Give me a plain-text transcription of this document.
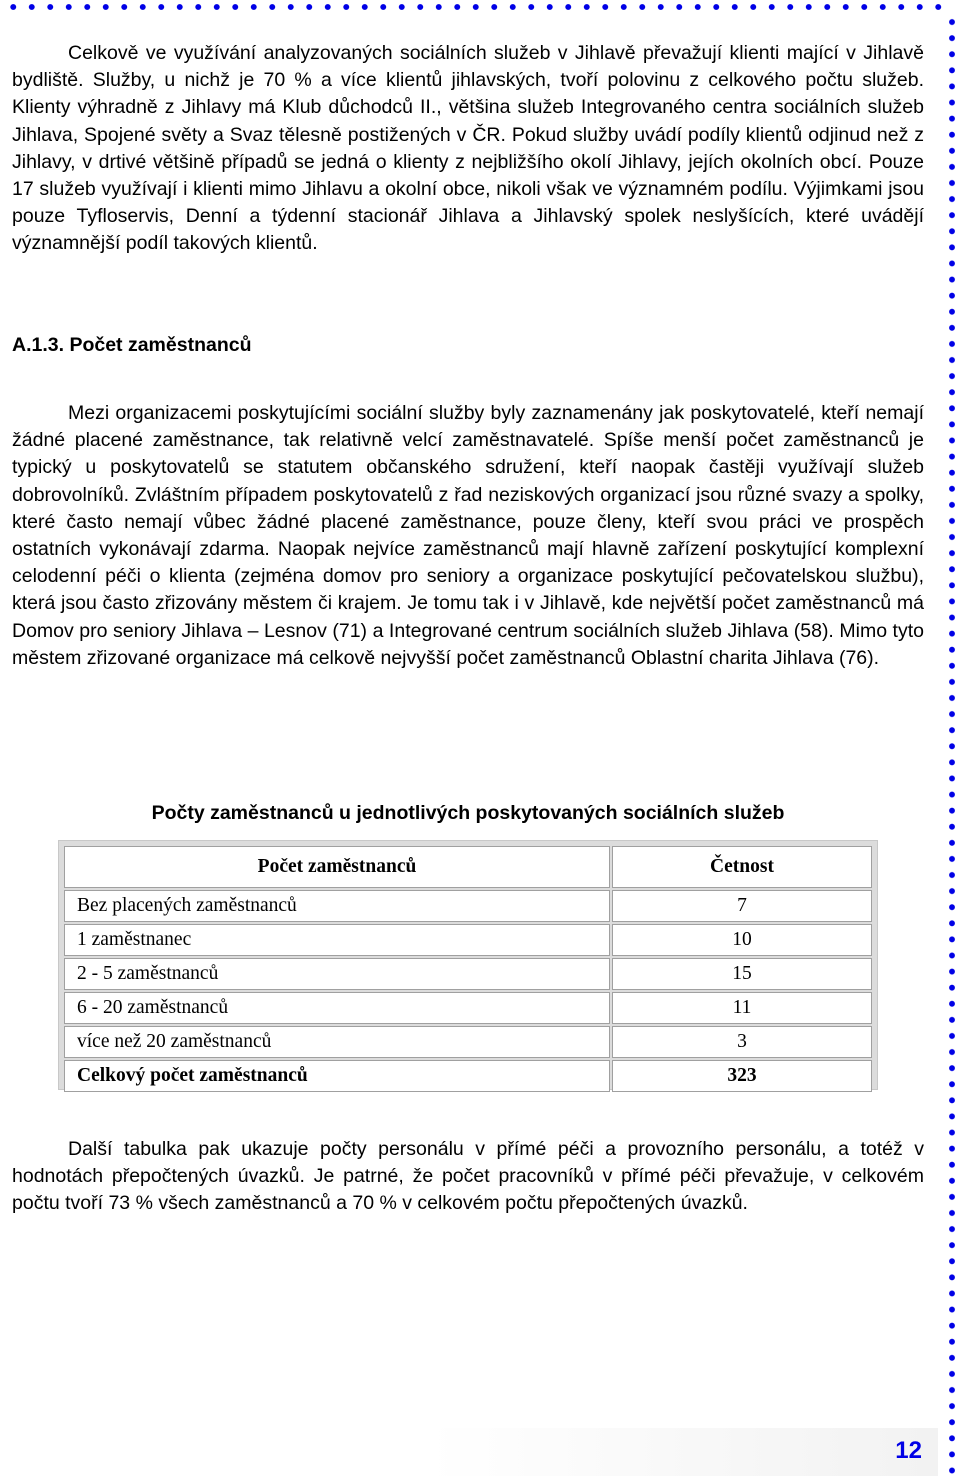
Celkově ve využívání analyzovaných sociálních služeb v Jihlavě převažují klienti mající v Jihlavě bydliště. Služby, u nichž je 70 % a více klientů jihlavských, tvoří polovinu z celkového počtu služeb. Klienty výhradně z Jihlavy má Klub důchodců II., většina služeb Integrovaného centra sociálních služeb Jihlava, Spojené světy a Svaz tělesně postižených v ČR. Pokud služby uvádí podíly klientů odjinud než z Jihlavy, v drtivé většině případů se jedná o klienty z nejbližšího okolí Jihlavy, jejích okolních obcí. Pouze 17 služeb využívají i klienti mimo Jihlavu a okolní obce, nikoli však ve významném podílu. Výjimkami jsou pouze Tyfloservis, Denní a týdenní stacionář Jihlava a Jihlavský spolek neslyšících, které uvádějí významnější podíl takových klientů.

A.1.3. Počet zaměstnanců

Mezi organizacemi poskytujícími sociální služby byly zaznamenány jak poskytovatelé, kteří nemají žádné placené zaměstnance, tak relativně velcí zaměstnavatelé. Spíše menší počet zaměstnanců je typický u poskytovatelů se statutem občanského sdružení, kteří naopak častěji využívají služeb dobrovolníků. Zvláštním případem poskytovatelů z řad neziskových organizací jsou různé svazy a spolky, které často nemají vůbec žádné placené zaměstnance, pouze členy, kteří svou práci ve prospěch ostatních vykonávají zdarma. Naopak nejvíce zaměstnanců mají hlavně zařízení poskytující komplexní celodenní péči o klienta (zejména domov pro seniory a organizace poskytující pečovatelskou službu), která jsou často zřizovány městem či krajem. Je tomu tak i v Jihlavě, kde největší počet zaměstnanců má Domov pro seniory Jihlava – Lesnov (71) a Integrované centrum sociálních služeb Jihlava (58). Mimo tyto městem zřizované organizace má celkově nejvyšší počet zaměstnanců Oblastní charita Jihlava (76).

Počty zaměstnanců u jednotlivých poskytovaných sociálních služeb
Počet zaměstnanců	Četnost
Bez placených zaměstnanců	7
1 zaměstnanec	10
2 - 5 zaměstnanců	15
6 - 20 zaměstnanců	11
více než 20 zaměstnanců	3
Celkový počet zaměstnanců	323

Další tabulka pak ukazuje počty personálu v přímé péči a provozního personálu, a totéž v hodnotách přepočtených úvazků. Je patrné, že počet pracovníků v přímé péči převažuje, v celkovém počtu tvoří 73 % všech zaměstnanců a 70 % v celkovém počtu přepočtených úvazků.

12
